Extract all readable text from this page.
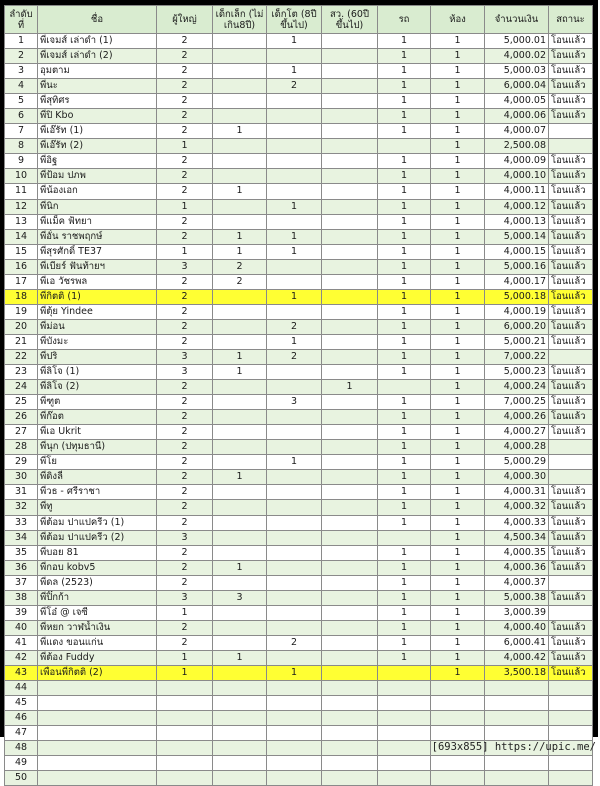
ลำดับที่	ชื่อ	ผู้ใหญ่	เด็กเล็ก (ไม่เกิน8ปี)	เด็กโต (8ปีขึ้นไป)	สว. (60ปี ขึ้นไป)	รถ	ห้อง	จำนวนเงิน	สถานะ
1	พี่เจมส์ เล่าดำ (1)	2		1		1	1	5,000.01	โอนแล้ว
2	พี่เจมส์ เล่าดำ (2)	2				1	1	4,000.02	โอนแล้ว
3	อุมตาม	2		1		1	1	5,000.03	โอนแล้ว
4	พี่นะ	2		2		1	1	6,000.04	โอนแล้ว
5	พี่สุทิศร	2				1	1	4,000.05	โอนแล้ว
6	พี่ปิ Kbo	2				1	1	4,000.06	โอนแล้ว
7	พี่เอ๊รัท (1)	2	1			1	1	4,000.07	
8	พี่เอ๊รัท (2)	1					1	2,500.08	
9	พี่อิฐ	2				1	1	4,000.09	โอนแล้ว
10	พี่ป้อม ปภพ	2				1	1	4,000.10	โอนแล้ว
11	พี่น้องเอก	2	1			1	1	4,000.11	โอนแล้ว
12	พี่นิก	1		1		1	1	4,000.12	โอนแล้ว
13	พี่แม็ค ฟ้ทยา	2				1	1	4,000.13	โอนแล้ว
14	พี่อั๋น ราชพฤกษ์	2	1	1		1	1	5,000.14	โอนแล้ว
15	พี่สุรศักดิ์ TE37	1	1	1		1	1	4,000.15	โอนแล้ว
16	พี่เบียร์ ฟันท้ายฯ	3	2			1	1	5,000.16	โอนแล้ว
17	พี่เอ วัชรพล	2	2			1	1	4,000.17	โอนแล้ว
18	พี่กิตติ (1)	2		1		1	1	5,000.18	โอนแล้ว
19	พี่ตุ้ย Yindee	2				1	1	4,000.19	โอนแล้ว
20	พี่ม่อน	2		2		1	1	6,000.20	โอนแล้ว
21	พี่บังมะ	2		1		1	1	5,000.21	โอนแล้ว
22	พี่ปริ	3	1	2		1	1	7,000.22	
23	พี่ลิโจ (1)	3	1			1	1	5,000.23	โอนแล้ว
24	พี่ลิโจ (2)	2			1		1	4,000.24	โอนแล้ว
25	พี่ฑูต	2		3		1	1	7,000.25	โอนแล้ว
26	พี่ก๊อต	2				1	1	4,000.26	โอนแล้ว
27	พี่เอ Ukrit	2				1	1	4,000.27	โอนแล้ว
28	พี่นุก (ปทุมธานี)	2				1	1	4,000.28	
29	พี่โย	2		1		1	1	5,000.29	
30	พี่ดิงลี่	2	1			1	1	4,000.30	
31	พี่วธ - ศรีราชา	2				1	1	4,000.31	โอนแล้ว
32	พี่ทู	2				1	1	4,000.32	โอนแล้ว
33	พี่ต้อม ปาแปครีว (1)	2				1	1	4,000.33	โอนแล้ว
34	พี่ต้อม ปาแปครีว (2)	3					1	4,500.34	โอนแล้ว
35	พี่บอย 81	2				1	1	4,000.35	โอนแล้ว
36	พี่กอบ kobv5	2	1			1	1	4,000.36	โอนแล้ว
37	พี่ดล (2523)	2				1	1	4,000.37	
38	พี่ปิ๊กก้า	3	3			1	1	5,000.38	โอนแล้ว
39	พี่โอ๋ @ เจซี	1				1	1	3,000.39	
40	พี่หยก วาฬน้ำเงิน	2				1	1	4,000.40	โอนแล้ว
41	พี่แดง ขอนแก่น	2		2		1	1	6,000.41	โอนแล้ว
42	พี่ต้อง Fuddy	1	1			1	1	4,000.42	โอนแล้ว
43	เพื่อนพี่กิตติ (2)	1		1			1	3,500.18	โอนแล้ว
44									
45									
46									
47									
48									
49									
50									
[693x855] https://upic.me/
